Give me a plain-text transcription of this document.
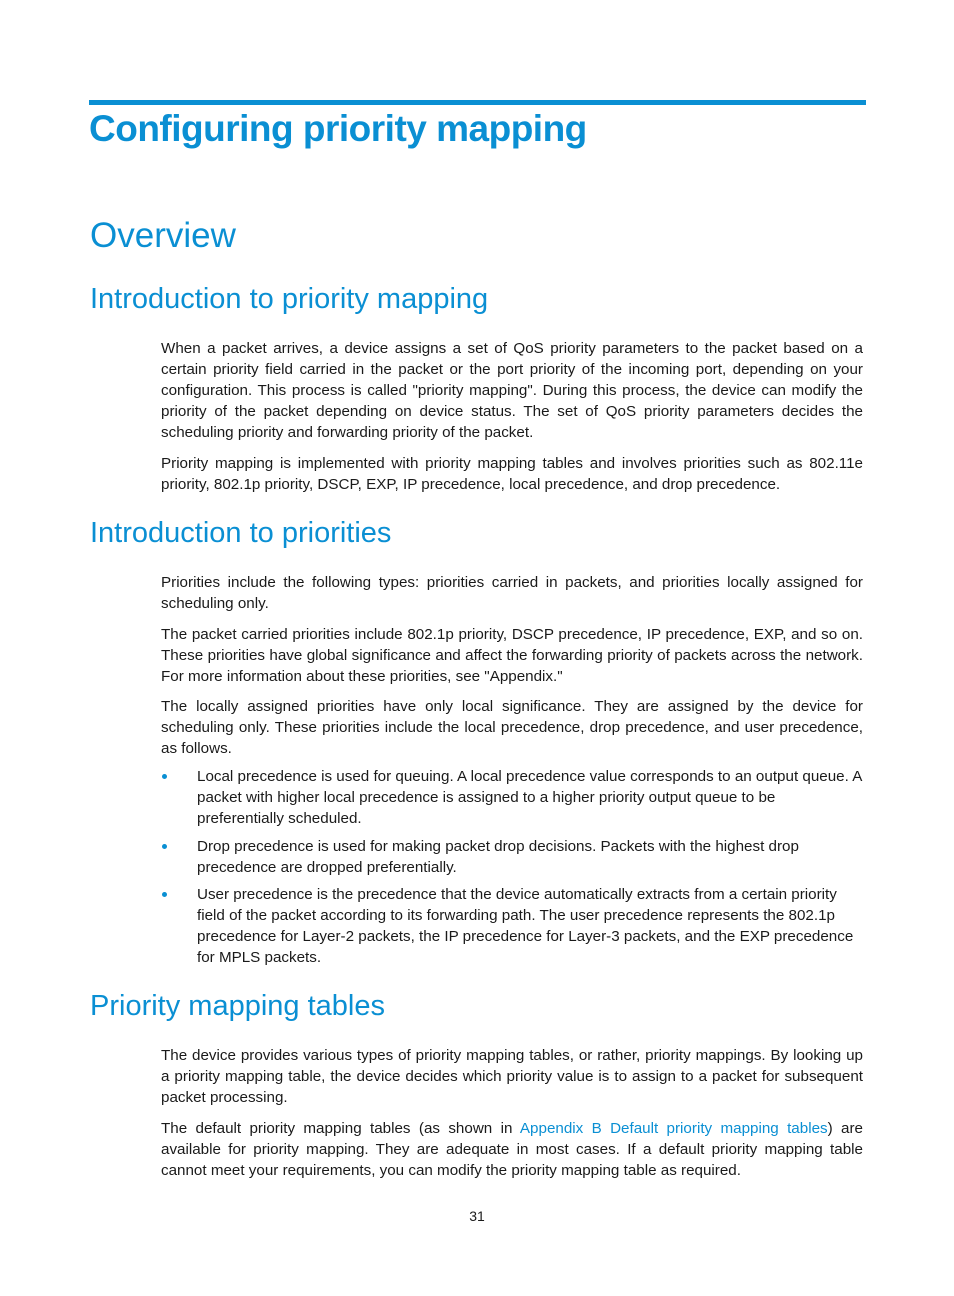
Configuring priority mapping
Overview
Introduction to priority mapping

When a packet arrives, a device assigns a set of QoS priority parameters to the packet based on a certain priority field carried in the packet or the port priority of the incoming port, depending on your configuration. This process is called "priority mapping". During this process, the device can modify the priority of the packet depending on device status. The set of QoS priority parameters decides the scheduling priority and forwarding priority of the packet.

Priority mapping is implemented with priority mapping tables and involves priorities such as 802.11e priority, 802.1p priority, DSCP, EXP, IP precedence, local precedence, and drop precedence.

Introduction to priorities

Priorities include the following types: priorities carried in packets, and priorities locally assigned for scheduling only.

The packet carried priorities include 802.1p priority, DSCP precedence, IP precedence, EXP, and so on. These priorities have global significance and affect the forwarding priority of packets across the network. For more information about these priorities, see "Appendix."

The locally assigned priorities have only local significance. They are assigned by the device for scheduling only. These priorities include the local precedence, drop precedence, and user precedence, as follows.

Local precedence is used for queuing. A local precedence value corresponds to an output queue. A packet with higher local precedence is assigned to a higher priority output queue to be preferentially scheduled.
Drop precedence is used for making packet drop decisions. Packets with the highest drop precedence are dropped preferentially.
User precedence is the precedence that the device automatically extracts from a certain priority field of the packet according to its forwarding path. The user precedence represents the 802.1p precedence for Layer-2 packets, the IP precedence for Layer-3 packets, and the EXP precedence for MPLS packets.
Priority mapping tables

The device provides various types of priority mapping tables, or rather, priority mappings. By looking up a priority mapping table, the device decides which priority value is to assign to a packet for subsequent packet processing.

The default priority mapping tables (as shown in Appendix B Default priority mapping tables) are available for priority mapping. They are adequate in most cases. If a default priority mapping table cannot meet your requirements, you can modify the priority mapping table as required.

31
